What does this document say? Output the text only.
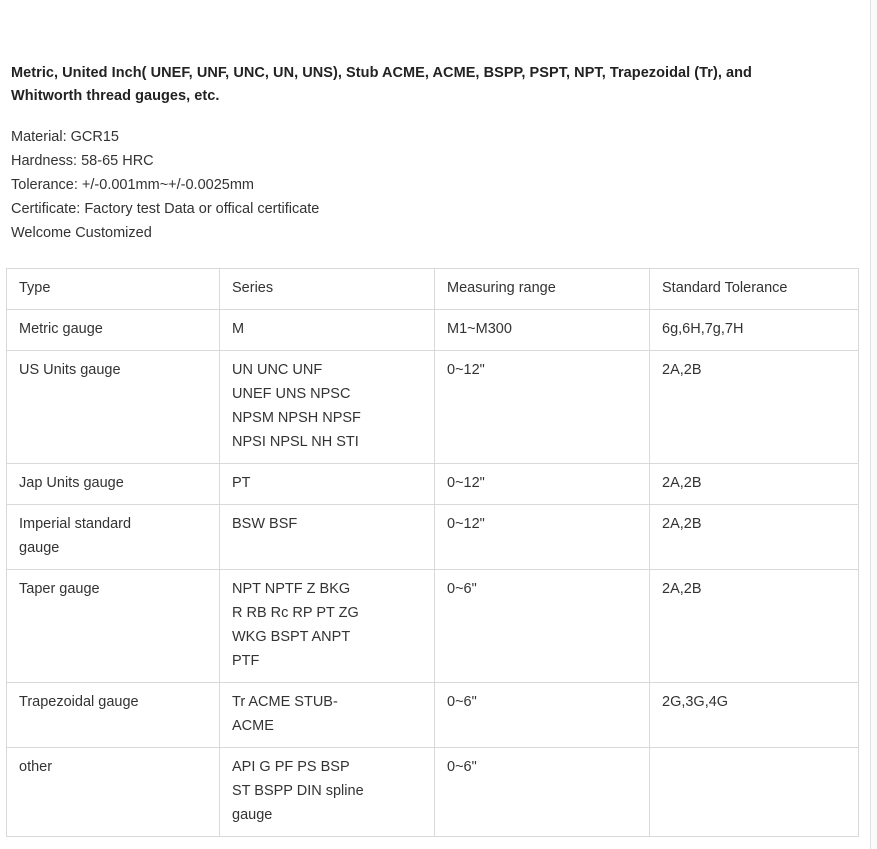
Metric, United Inch( UNEF, UNF, UNC, UN, UNS), Stub ACME, ACME, BSPP, PSPT, NPT, Trapezoidal (Tr), and
Whitworth thread gauges, etc.

Material: GCR15
Hardness: 58-65 HRC
Tolerance: +/-0.001mm~+/-0.0025mm
Certificate: Factory test Data or offical certificate
Welcome Customized
Type	Series	Measuring range	Standard Tolerance

Metric gauge	M	M1~M300	6g,6H,7g,7H

US Units gauge	UN UNC UNF
UNEF UNS NPSC
NPSM NPSH NPSF
NPSI NPSL NH STI	0~12"	2A,2B

Jap Units gauge	PT	0~12"	2A,2B

Imperial standard
gauge	BSW BSF	0~12"	2A,2B

Taper gauge	NPT NPTF Z BKG
R RB Rc RP PT ZG
WKG BSPT ANPT
PTF	0~6"	2A,2B

Trapezoidal gauge	Tr ACME STUB-
ACME	0~6"	2G,3G,4G

other	API G PF PS BSP
ST BSPP DIN spline
gauge	0~6"	
